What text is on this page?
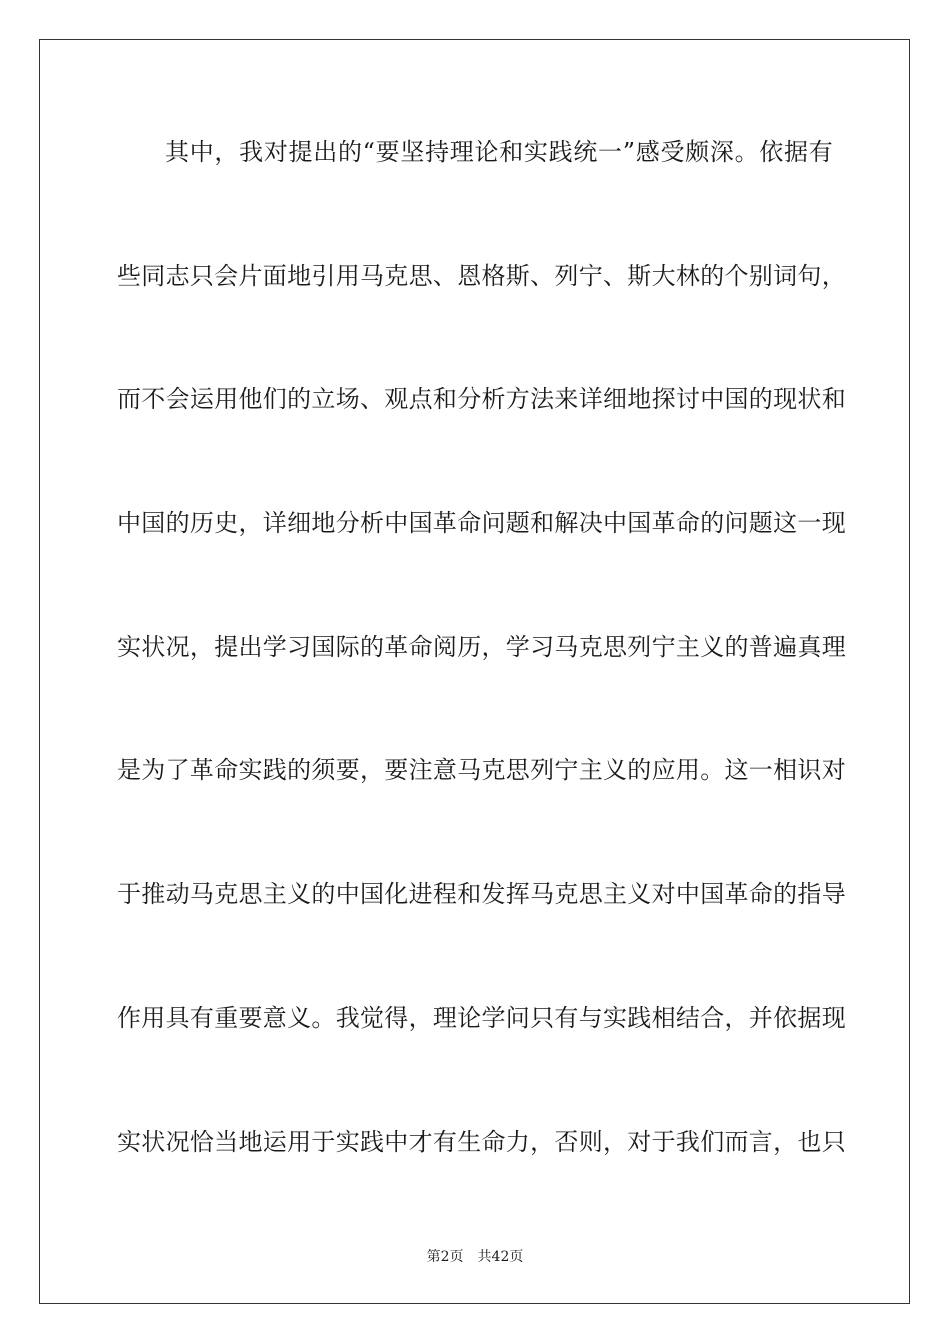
其中，我对提出的“要坚持理论和实践统一”感受颇深。依据有
些同志只会片面地引用马克思、恩格斯、列宁、斯大林的个别词句，
而不会运用他们的立场、观点和分析方法来详细地探讨中国的现状和
中国的历史，详细地分析中国革命问题和解决中国革命的问题这一现
实状况，提出学习国际的革命阅历，学习马克思列宁主义的普遍真理
是为了革命实践的须要，要注意马克思列宁主义的应用。这一相识对
于推动马克思主义的中国化进程和发挥马克思主义对中国革命的指导
作用具有重要意义。我觉得，理论学问只有与实践相结合，并依据现
实状况恰当地运用于实践中才有生命力，否则，对于我们而言，也只
第2页 共42页
